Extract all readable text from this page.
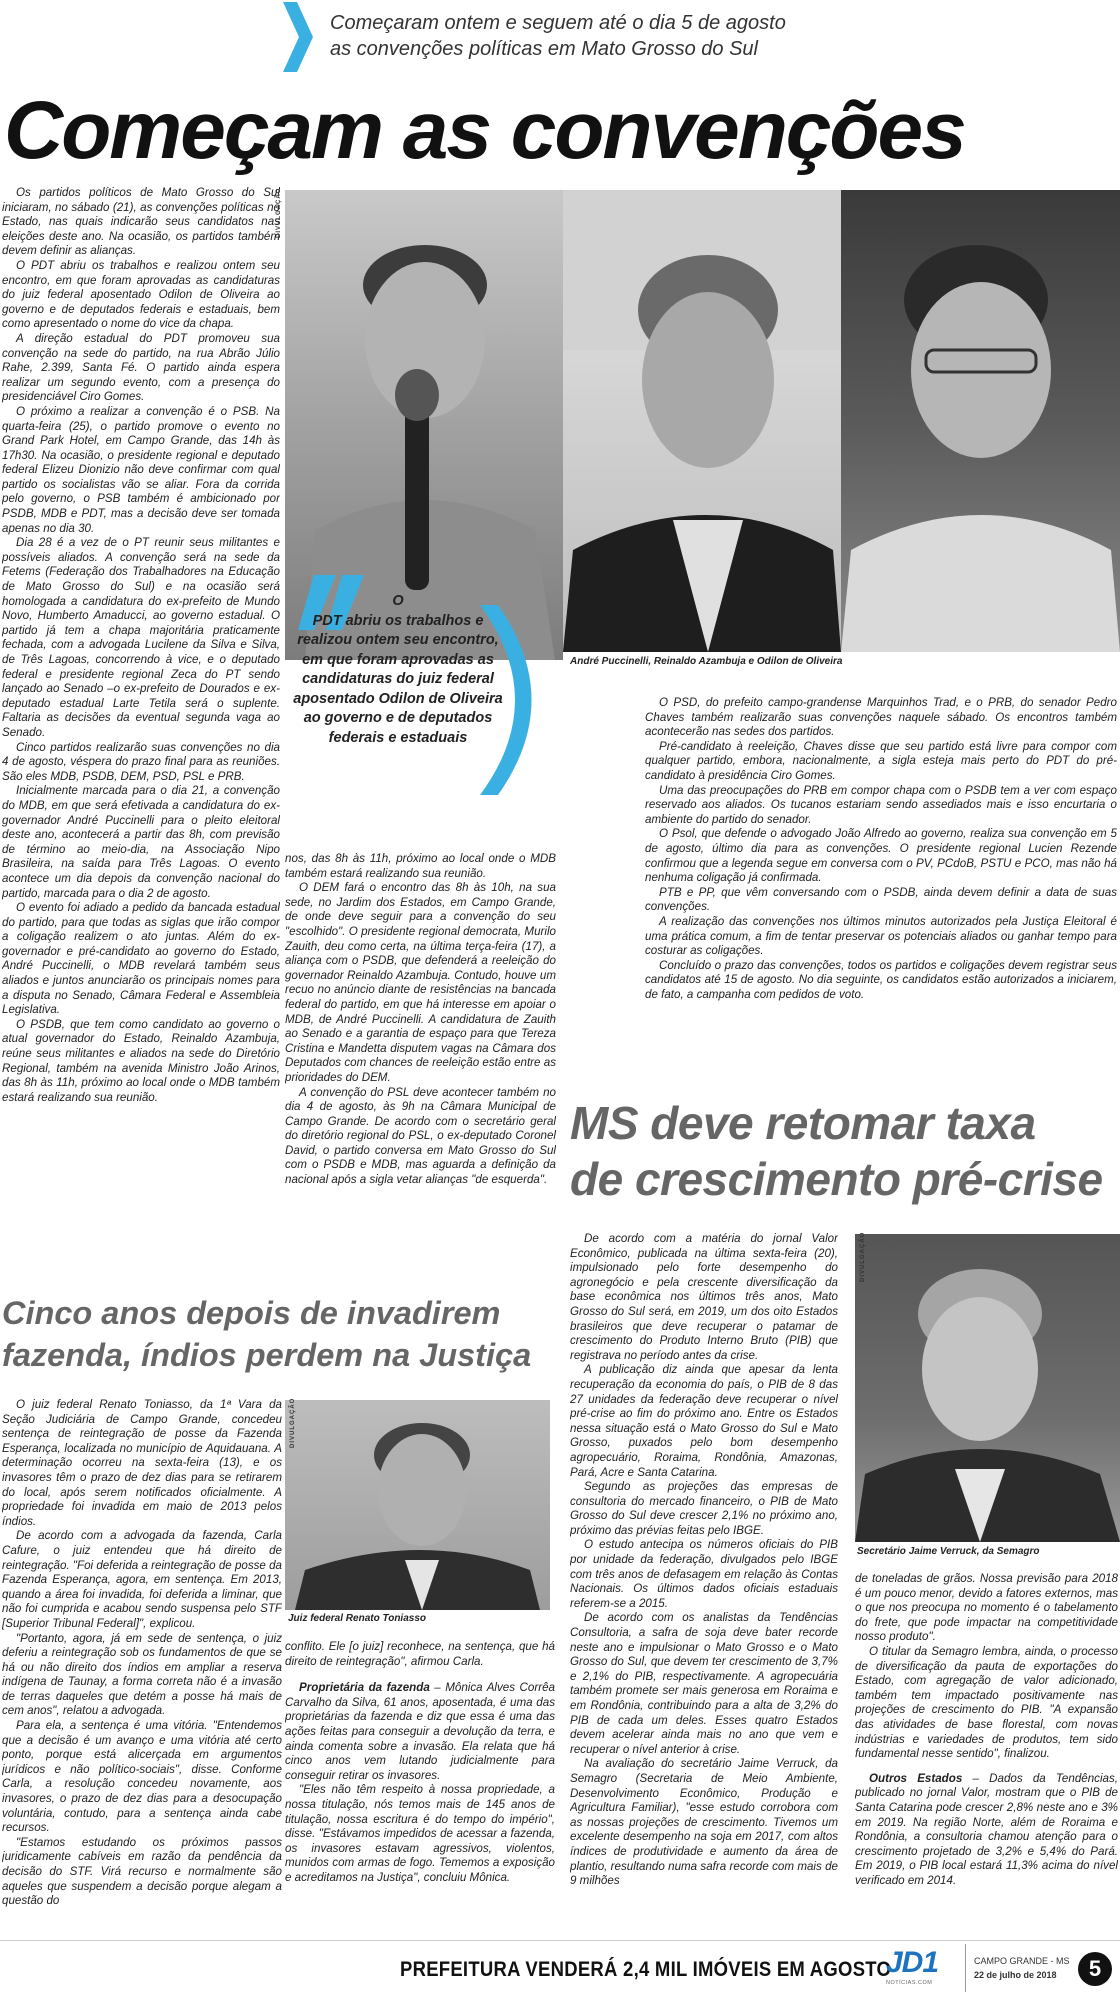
Começaram ontem e seguem até o dia 5 de agosto
as convenções políticas em Mato Grosso do Sul
Começam as convenções
DIVULGAÇÃO
André Puccinelli, Reinaldo Azambuja e Odilon de Oliveira
O
PDT abriu os trabalhos e realizou ontem seu encontro, em que foram aprovadas as candidaturas do juiz federal aposentado Odilon de Oliveira ao governo e de deputados federais e estaduais

Os partidos políticos de Mato Grosso do Sul iniciaram, no sábado (21), as convenções políticas no Estado, nas quais indicarão seus candidatos nas eleições deste ano. Na ocasião, os partidos também devem definir as alianças.

O PDT abriu os trabalhos e realizou ontem seu encontro, em que foram aprovadas as candidaturas do juiz federal aposentado Odilon de Oliveira ao governo e de deputados federais e estaduais, bem como apresentado o nome do vice da chapa.

A direção estadual do PDT promoveu sua convenção na sede do partido, na rua Abrão Júlio Rahe, 2.399, Santa Fé. O partido ainda espera realizar um segundo evento, com a presença do presidenciável Ciro Gomes.

O próximo a realizar a convenção é o PSB. Na quarta-feira (25), o partido promove o evento no Grand Park Hotel, em Campo Grande, das 14h às 17h30. Na ocasião, o presidente regional e deputado federal Elizeu Dionizio não deve confirmar com qual partido os socialistas vão se aliar. Fora da corrida pelo governo, o PSB também é ambicionado por PSDB, MDB e PDT, mas a decisão deve ser tomada apenas no dia 30.

Dia 28 é a vez de o PT reunir seus militantes e possíveis aliados. A convenção será na sede da Fetems (Federação dos Trabalhadores na Educação de Mato Grosso do Sul) e na ocasião será homologada a candidatura do ex-prefeito de Mundo Novo, Humberto Amaducci, ao governo estadual. O partido já tem a chapa majoritária praticamente fechada, com a advogada Lucilene da Silva e Silva, de Três Lagoas, concorrendo à vice, e o deputado federal e presidente regional Zeca do PT sendo lançado ao Senado –o ex-prefeito de Dourados e ex-deputado estadual Larte Tetila será o suplente. Faltaria as decisões da eventual segunda vaga ao Senado.

Cinco partidos realizarão suas convenções no dia 4 de agosto, véspera do prazo final para as reuniões. São eles MDB, PSDB, DEM, PSD, PSL e PRB.

Inicialmente marcada para o dia 21, a convenção do MDB, em que será efetivada a candidatura do ex-governador André Puccinelli para o pleito eleitoral deste ano, acontecerá a partir das 8h, com previsão de término ao meio-dia, na Associação Nipo Brasileira, na saída para Três Lagoas. O evento acontece um dia depois da convenção nacional do partido, marcada para o dia 2 de agosto.

O evento foi adiado a pedido da bancada estadual do partido, para que todas as siglas que irão compor a coligação realizem o ato juntas. Além do ex-governador e pré-candidato ao governo do Estado, André Puccinelli, o MDB revelará também seus aliados e juntos anunciarão os principais nomes para a disputa no Senado, Câmara Federal e Assembleia Legislativa.

O PSDB, que tem como candidato ao governo o atual governador do Estado, Reinaldo Azambuja, reúne seus militantes e aliados na sede do Diretório Regional, também na avenida Ministro João Arinos, das 8h às 11h, próximo ao local onde o MDB também estará realizando sua reunião.

nos, das 8h às 11h, próximo ao local onde o MDB também estará realizando sua reunião.

O DEM fará o encontro das 8h às 10h, na sua sede, no Jardim dos Estados, em Campo Grande, de onde deve seguir para a convenção do seu "escolhido". O presidente regional democrata, Murilo Zauith, deu como certa, na última terça-feira (17), a aliança com o PSDB, que defenderá a reeleição do governador Reinaldo Azambuja. Contudo, houve um recuo no anúncio diante de resistências na bancada federal do partido, em que há interesse em apoiar o MDB, de André Puccinelli. A candidatura de Zauith ao Senado e a garantia de espaço para que Tereza Cristina e Mandetta disputem vagas na Câmara dos Deputados com chances de reeleição estão entre as prioridades do DEM.

A convenção do PSL deve acontecer também no dia 4 de agosto, às 9h na Câmara Municipal de Campo Grande. De acordo com o secretário geral do diretório regional do PSL, o ex-deputado Coronel David, o partido conversa em Mato Grosso do Sul com o PSDB e MDB, mas aguarda a definição da nacional após a sigla vetar alianças "de esquerda".

O PSD, do prefeito campo-grandense Marquinhos Trad, e o PRB, do senador Pedro Chaves também realizarão suas convenções naquele sábado. Os encontros também acontecerão nas sedes dos partidos.

Pré-candidato à reeleição, Chaves disse que seu partido está livre para compor com qualquer partido, embora, nacionalmente, a sigla esteja mais perto do PDT do pré-candidato à presidência Ciro Gomes.

Uma das preocupações do PRB em compor chapa com o PSDB tem a ver com espaço reservado aos aliados. Os tucanos estariam sendo assediados mais e isso encurtaria o ambiente do partido do senador.

O Psol, que defende o advogado João Alfredo ao governo, realiza sua convenção em 5 de agosto, último dia para as convenções. O presidente regional Lucien Rezende confirmou que a legenda segue em conversa com o PV, PCdoB, PSTU e PCO, mas não há nenhuma coligação já confirmada.

PTB e PP, que vêm conversando com o PSDB, ainda devem definir a data de suas convenções.

A realização das convenções nos últimos minutos autorizados pela Justiça Eleitoral é uma prática comum, a fim de tentar preservar os potenciais aliados ou ganhar tempo para costurar as coligações.

Concluído o prazo das convenções, todos os partidos e coligações devem registrar seus candidatos até 15 de agosto. No dia seguinte, os candidatos estão autorizados a iniciarem, de fato, a campanha com pedidos de voto.

MS deve retomar taxa
de crescimento pré-crise

De acordo com a matéria do jornal Valor Econômico, publicada na última sexta-feira (20), impulsionado pelo forte desempenho do agronegócio e pela crescente diversificação da base econômica nos últimos três anos, Mato Grosso do Sul será, em 2019, um dos oito Estados brasileiros que deve recuperar o patamar de crescimento do Produto Interno Bruto (PIB) que registrava no período antes da crise.

A publicação diz ainda que apesar da lenta recuperação da economia do país, o PIB de 8 das 27 unidades da federação deve recuperar o nível pré-crise ao fim do próximo ano. Entre os Estados nessa situação está o Mato Grosso do Sul e Mato Grosso, puxados pelo bom desempenho agropecuário, Roraima, Rondônia, Amazonas, Pará, Acre e Santa Catarina.

Segundo as projeções das empresas de consultoria do mercado financeiro, o PIB de Mato Grosso do Sul deve crescer 2,1% no próximo ano, próximo das prévias feitas pelo IBGE.

O estudo antecipa os números oficiais do PIB por unidade da federação, divulgados pelo IBGE com três anos de defasagem em relação às Contas Nacionais. Os últimos dados oficiais estaduais referem-se a 2015.

De acordo com os analistas da Tendências Consultoria, a safra de soja deve bater recorde neste ano e impulsionar o Mato Grosso e o Mato Grosso do Sul, que devem ter crescimento de 3,7% e 2,1% do PIB, respectivamente. A agropecuária também promete ser mais generosa em Roraima e em Rondônia, contribuindo para a alta de 3,2% do PIB de cada um deles. Esses quatro Estados devem acelerar ainda mais no ano que vem e recuperar o nível anterior à crise.

Na avaliação do secretário Jaime Verruck, da Semagro (Secretaria de Meio Ambiente, Desenvolvimento Econômico, Produção e Agricultura Familiar), "esse estudo corrobora com as nossas projeções de crescimento. Tivemos um excelente desempenho na soja em 2017, com altos índices de produtividade e aumento da área de plantio, resultando numa safra recorde com mais de 9 milhões

DIVULGAÇÃO
Secretário Jaime Verruck, da Semagro

de toneladas de grãos. Nossa previsão para 2018 é um pouco menor, devido a fatores externos, mas o que nos preocupa no momento é o tabelamento do frete, que pode impactar na competitividade nosso produto".

O titular da Semagro lembra, ainda, o processo de diversificação da pauta de exportações do Estado, com agregação de valor adicionado, também tem impactado positivamente nas projeções de crescimento do PIB. "A expansão das atividades de base florestal, com novas indústrias e variedades de produtos, tem sido fundamental nesse sentido", finalizou.

Outros Estados – Dados da Tendências, publicado no jornal Valor, mostram que o PIB de Santa Catarina pode crescer 2,8% neste ano e 3% em 2019. Na região Norte, além de Roraima e Rondônia, a consultoria chamou atenção para o crescimento projetado de 3,2% e 5,4% do Pará. Em 2019, o PIB local estará 11,3% acima do nível verificado em 2014.

Cinco anos depois de invadirem
fazenda, índios perdem na Justiça

O juiz federal Renato Toniasso, da 1ª Vara da Seção Judiciária de Campo Grande, concedeu sentença de reintegração de posse da Fazenda Esperança, localizada no município de Aquidauana. A determinação ocorreu na sexta-feira (13), e os invasores têm o prazo de dez dias para se retirarem do local, após serem notificados oficialmente. A propriedade foi invadida em maio de 2013 pelos índios.

De acordo com a advogada da fazenda, Carla Cafure, o juiz entendeu que há direito de reintegração. "Foi deferida a reintegração de posse da Fazenda Esperança, agora, em sentença. Em 2013, quando a área foi invadida, foi deferida a liminar, que não foi cumprida e acabou sendo suspensa pelo STF [Superior Tribunal Federal]", explicou.

"Portanto, agora, já em sede de sentença, o juiz deferiu a reintegração sob os fundamentos de que se há ou não direito dos índios em ampliar a reserva indígena de Taunay, a forma correta não é a invasão de terras daqueles que detém a posse há mais de cem anos", relatou a advogada.

Para ela, a sentença é uma vitória. "Entendemos que a decisão é um avanço e uma vitória até certo ponto, porque está alicerçada em argumentos jurídicos e não político-sociais", disse. Conforme Carla, a resolução concedeu novamente, aos invasores, o prazo de dez dias para a desocupação voluntária, contudo, para a sentença ainda cabe recursos.

"Estamos estudando os próximos passos juridicamente cabíveis em razão da pendência da decisão do STF. Virá recurso e normalmente são aqueles que suspendem a decisão porque alegam a questão do

DIVULGAÇÃO
Juiz federal Renato Toniasso

conflito. Ele [o juiz] reconhece, na sentença, que há direito de reintegração", afirmou Carla.

Proprietária da fazenda – Mônica Alves Corrêa Carvalho da Silva, 61 anos, aposentada, é uma das proprietárias da fazenda e diz que essa é uma das ações feitas para conseguir a devolução da terra, e ainda comenta sobre a invasão. Ela relata que há cinco anos vem lutando judicialmente para conseguir retirar os invasores.

"Eles não têm respeito à nossa propriedade, a nossa titulação, nós temos mais de 145 anos de titulação, nossa escritura é do tempo do império", disse. "Estávamos impedidos de acessar a fazenda, os invasores estavam agressivos, violentos, munidos com armas de fogo. Tememos a exposição e acreditamos na Justiça", concluiu Mônica.

PREFEITURA VENDERÁ 2,4 MIL IMÓVEIS EM AGOSTO
JD1
NOTÍCIAS.COM
CAMPO GRANDE - MS
22 de julho de 2018	5
